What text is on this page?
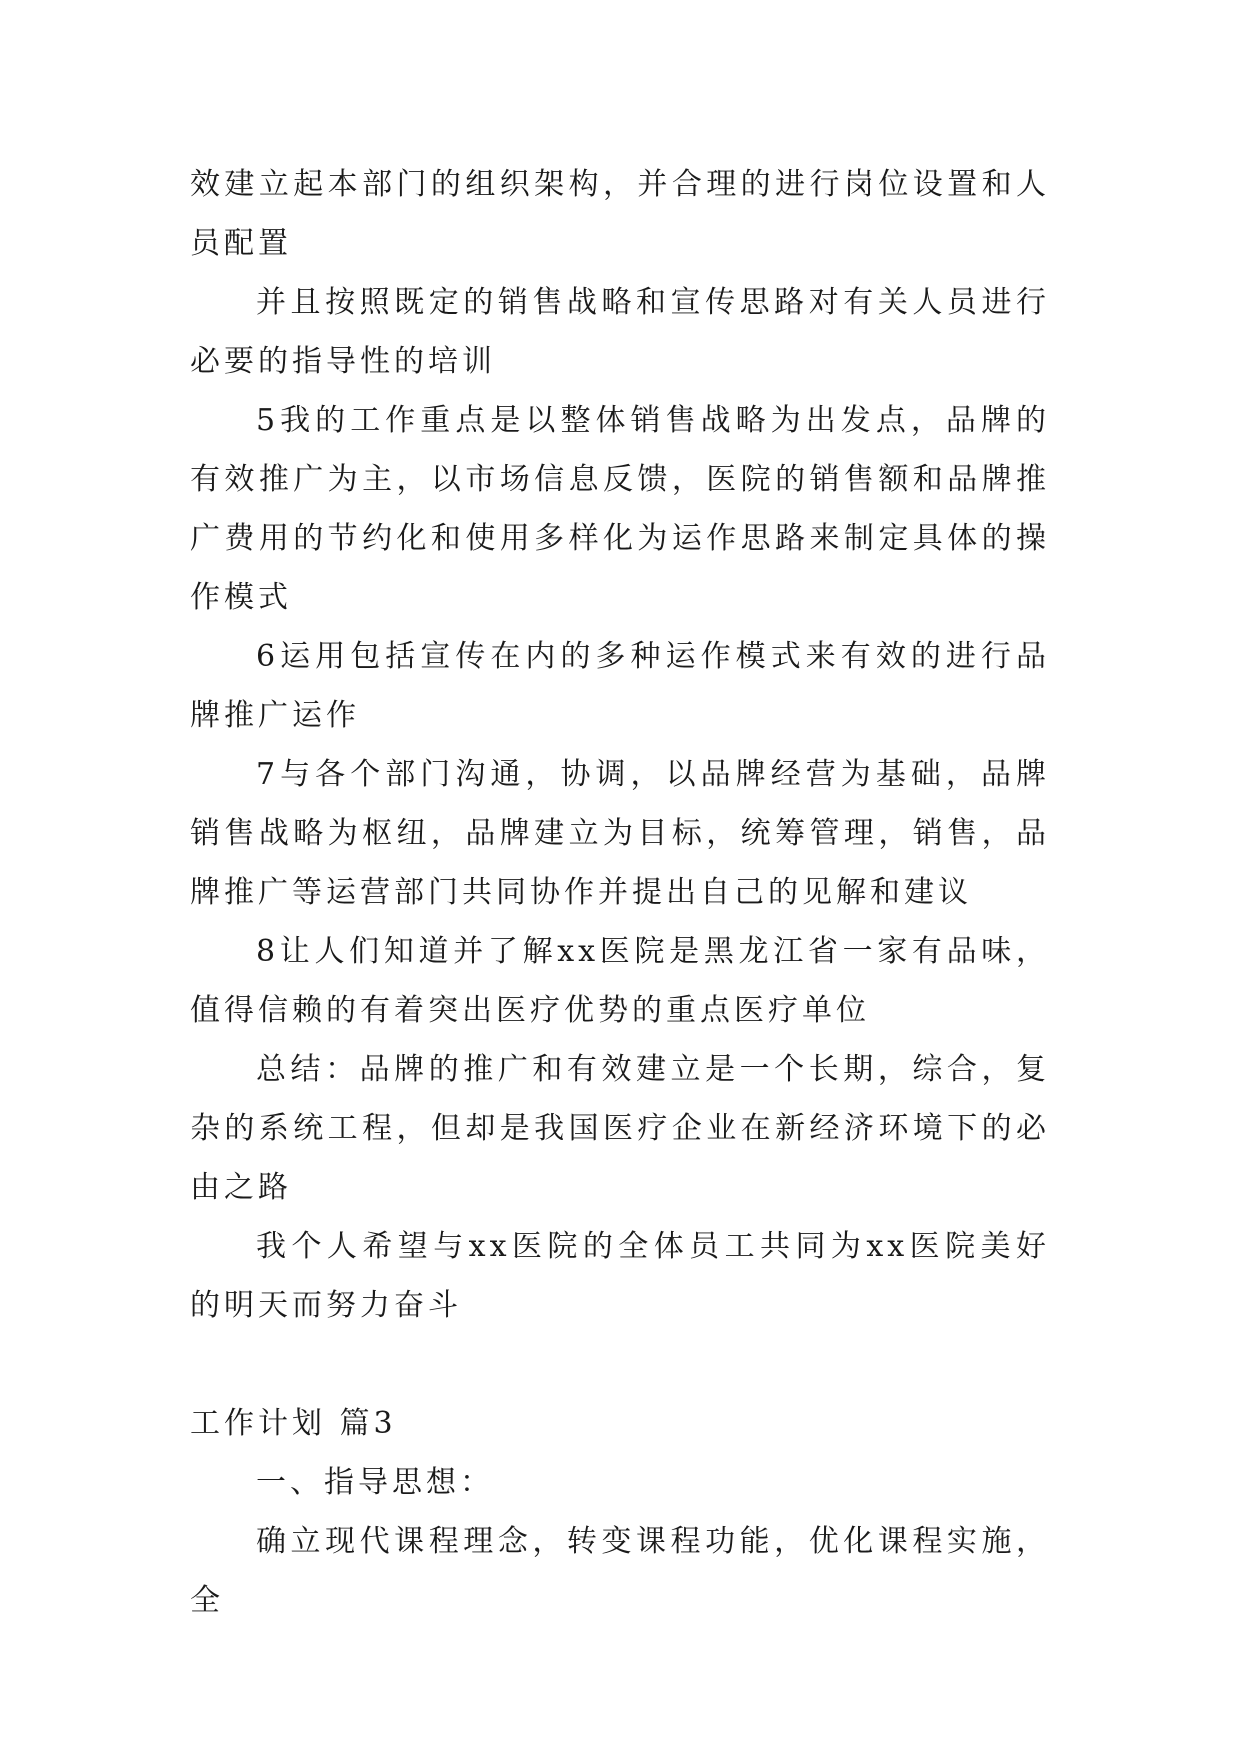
效建立起本部门的组织架构，并合理的进行岗位设置和人员配置

并且按照既定的销售战略和宣传思路对有关人员进行必要的指导性的培训

5我的工作重点是以整体销售战略为出发点，品牌的有效推广为主，以市场信息反馈，医院的销售额和品牌推广费用的节约化和使用多样化为运作思路来制定具体的操作模式

6运用包括宣传在内的多种运作模式来有效的进行品牌推广运作

7与各个部门沟通，协调，以品牌经营为基础，品牌销售战略为枢纽，品牌建立为目标，统筹管理，销售，品牌推广等运营部门共同协作并提出自己的见解和建议

8让人们知道并了解xx医院是黑龙江省一家有品味，值得信赖的有着突出医疗优势的重点医疗单位

总结：品牌的推广和有效建立是一个长期，综合，复杂的系统工程，但却是我国医疗企业在新经济环境下的必由之路

我个人希望与xx医院的全体员工共同为xx医院美好的明天而努力奋斗

工作计划 篇3

一、指导思想：

确立现代课程理念，转变课程功能，优化课程实施，全
